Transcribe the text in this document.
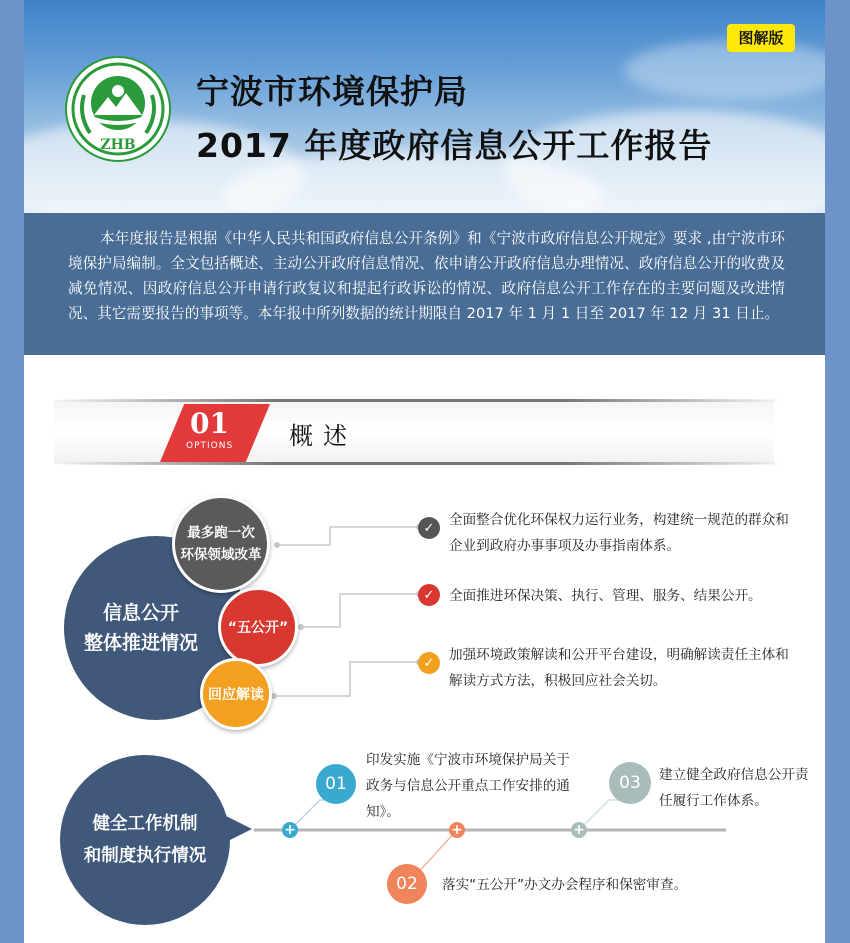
图解版
ZHB
宁波市环境保护局
2017 年度政府信息公开工作报告
本年度报告是根据《中华人民共和国政府信息公开条例》和《宁波市政府信息公开规定》要求 ,由宁波市环境保护局编制。全文包括概述、主动公开政府信息情况、依申请公开政府信息办理情况、政府信息公开的收费及减免情况、因政府信息公开申请行政复议和提起行政诉讼的情况、政府信息公开工作存在的主要问题及改进情况、其它需要报告的事项等。本年报中所列数据的统计期限自 2017 年 1 月 1 日至 2017 年 12 月 31 日止。
01
OPTIONS 概述
信息公开
整体推进情况
最多跑一次
环保领域改革
“五公开”
回应解读
✓	全面整合优化环保权力运行业务，构建统一规范的群众和企业到政府办事事项及办事指南体系。
✓	全面推进环保决策、执行、管理、服务、结果公开。
✓	加强环境政策解读和公开平台建设，明确解读责任主体和解读方式方法，积极回应社会关切。
健全工作机制
和制度执行情况
+	+	+
01
印发实施《宁波市环境保护局关于政务与信息公开重点工作安排的通知》。
02	落实“五公开”办文办会程序和保密审查。
03	建立健全政府信息公开责任履行工作体系。
